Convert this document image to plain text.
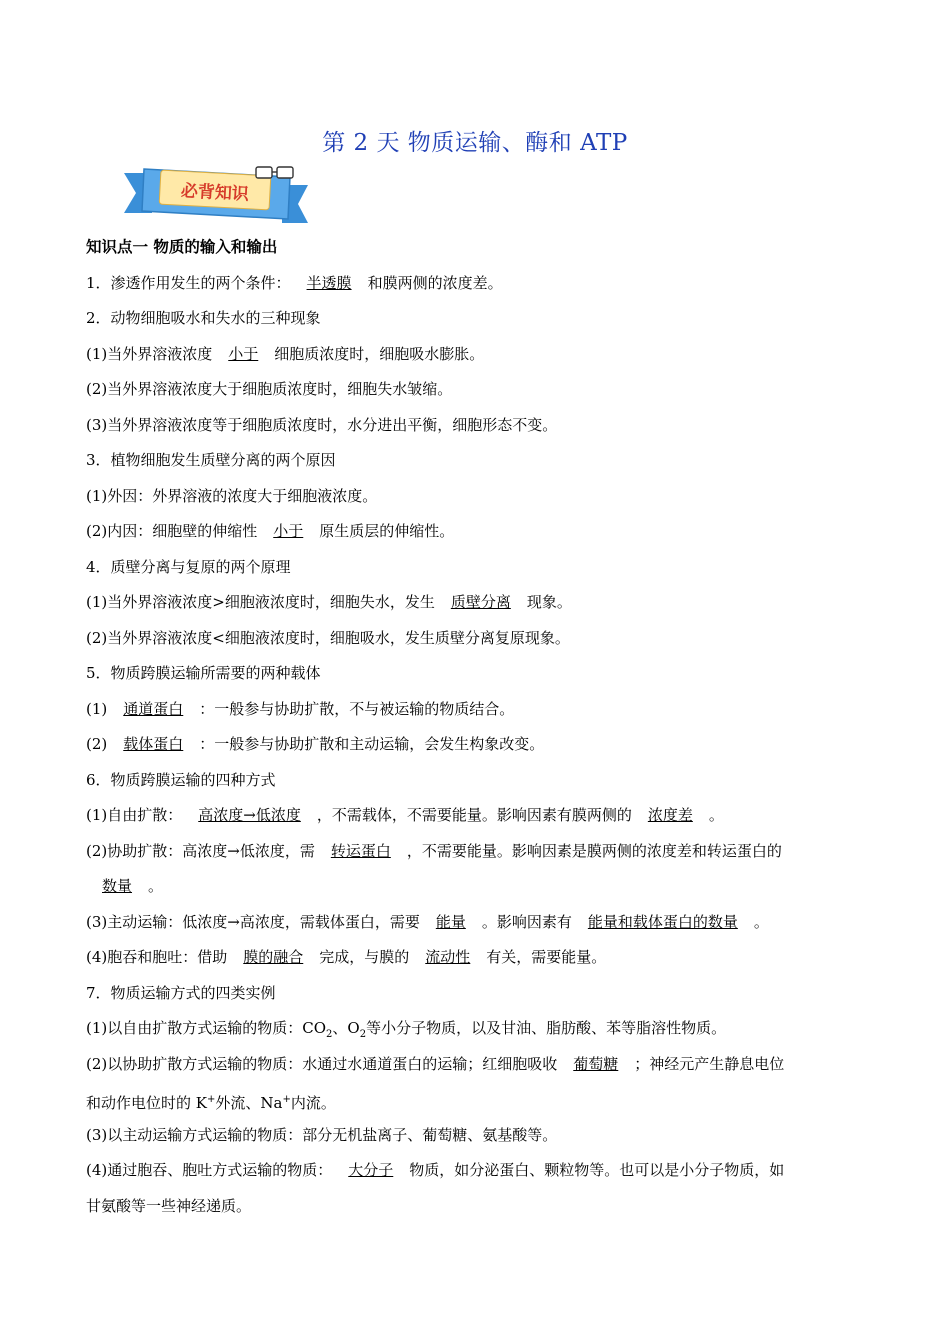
第 2 天 物质运输、酶和 ATP
必背知识
知识点一 物质的输入和输出
1．渗透作用发生的两个条件： 半透膜 和膜两侧的浓度差。
2．动物细胞吸水和失水的三种现象
(1)当外界溶液浓度 小于 细胞质浓度时，细胞吸水膨胀。
(2)当外界溶液浓度大于细胞质浓度时，细胞失水皱缩。
(3)当外界溶液浓度等于细胞质浓度时，水分进出平衡，细胞形态不变。
3．植物细胞发生质壁分离的两个原因
(1)外因：外界溶液的浓度大于细胞液浓度。
(2)内因：细胞壁的伸缩性 小于 原生质层的伸缩性。
4．质壁分离与复原的两个原理
(1)当外界溶液浓度>细胞液浓度时，细胞失水，发生 质壁分离 现象。
(2)当外界溶液浓度<细胞液浓度时，细胞吸水，发生质壁分离复原现象。
5．物质跨膜运输所需要的两种载体
(1) 通道蛋白 ：一般参与协助扩散，不与被运输的物质结合。
(2) 载体蛋白 ：一般参与协助扩散和主动运输，会发生构象改变。
6．物质跨膜运输的四种方式
(1)自由扩散： 高浓度→低浓度 ，不需载体，不需要能量。影响因素有膜两侧的 浓度差 。
(2)协助扩散：高浓度→低浓度，需 转运蛋白 ，不需要能量。影响因素是膜两侧的浓度差和转运蛋白的
数量 。
(3)主动运输：低浓度→高浓度，需载体蛋白，需要 能量 。影响因素有 能量和载体蛋白的数量 。
(4)胞吞和胞吐：借助 膜的融合 完成，与膜的 流动性 有关，需要能量。
7．物质运输方式的四类实例
(1)以自由扩散方式运输的物质：$CO_2$、$O_2$等小分子物质，以及甘油、脂肪酸、苯等脂溶性物质。
(2)以协助扩散方式运输的物质：水通过水通道蛋白的运输；红细胞吸收 葡萄糖 ；神经元产生静息电位
和动作电位时的 K+外流、Na+内流。
(3)以主动运输方式运输的物质：部分无机盐离子、葡萄糖、氨基酸等。
(4)通过胞吞、胞吐方式运输的物质： 大分子 物质，如分泌蛋白、颗粒物等。也可以是小分子物质，如
甘氨酸等一些神经递质。
